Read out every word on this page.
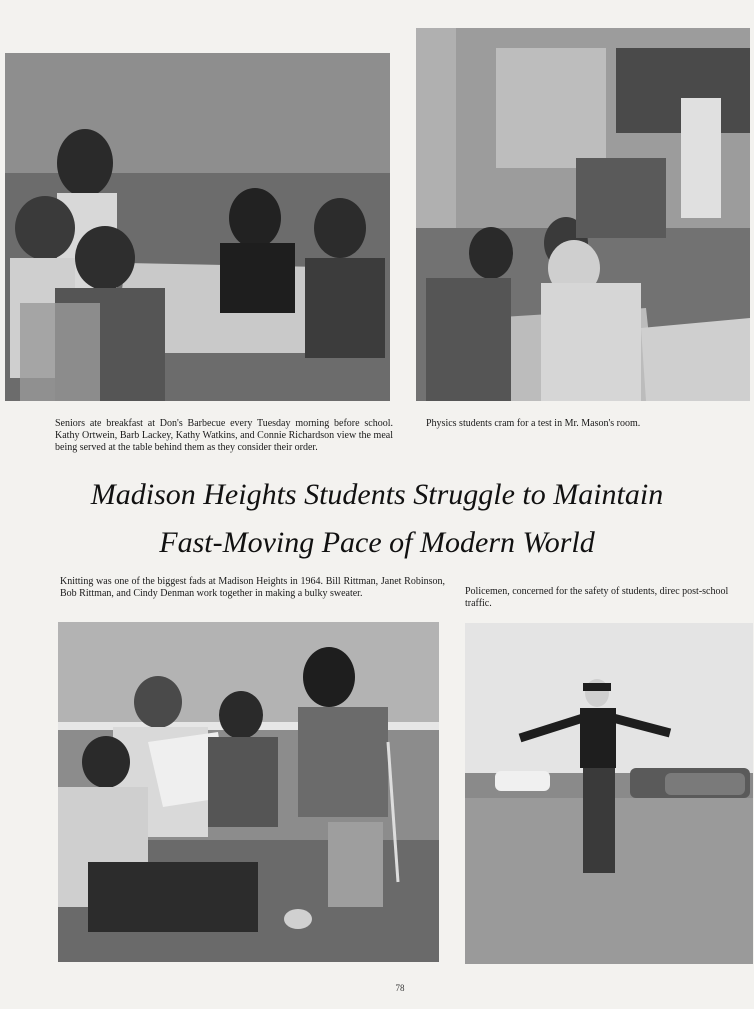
Seniors ate breakfast at Don's Barbecue every Tuesday morning before school. Kathy Ortwein, Barb Lackey, Kathy Watkins, and Connie Richardson view the meal being served at the table behind them as they consider their order.
Physics students cram for a test in Mr. Mason's room.
Madison Heights Students Struggle to Maintain
Fast-Moving Pace of Modern World
Knitting was one of the biggest fads at Madison Heights in 1964. Bill Rittman, Janet Robinson, Bob Rittman, and Cindy Denman work together in making a bulky sweater.	Policemen, concerned for the safety of students, direc post-school traffic.
78
